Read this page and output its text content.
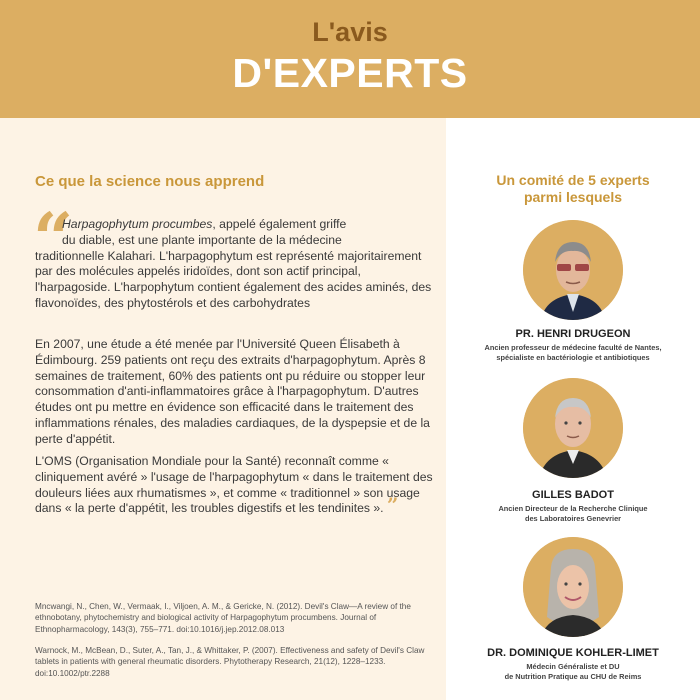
L'avis
D'EXPERTS
Ce que la science nous apprend
“
Harpagophytum procumbes, appelé également griffe
du diable, est une plante importante de la médecine
traditionnelle Kalahari. L'harpagophytum est représenté majoritairement par des molécules appelés iridoïdes, dont son actif principal, l'harpagoside. L'harpophytum contient également des acides aminés, des flavonoïdes, des phytostérols et des carbohydrates
En 2007, une étude a été menée par l'Université Queen Élisabeth à Édimbourg. 259 patients ont reçu des extraits d'harpagophytum. Après 8 semaines de traitement, 60% des patients ont pu réduire ou stopper leur consommation d'anti-inflammatoires grâce à l'harpagophytum. D'autres études ont pu mettre en évidence son efficacité dans le traitement des inflammations rénales, des maladies cardiaques, de la dyspepsie et de la perte d'appétit.
L'OMS (Organisation Mondiale pour la Santé) reconnaît comme « cliniquement avéré » l'usage de l'harpagophytum « dans le traitement des douleurs liées aux rhumatismes », et comme « traditionnel » son usage dans « la perte d'appétit, les troubles digestifs et les tendinites ». ”
Mncwangi, N., Chen, W., Vermaak, I., Viljoen, A. M., & Gericke, N. (2012). Devil's Claw—A review of the ethnobotany, phytochemistry and biological activity of Harpagophytum procumbens. Journal of Ethnopharmacology, 143(3), 755–771. doi:10.1016/j.jep.2012.08.013
Warnock, M., McBean, D., Suter, A., Tan, J., & Whittaker, P. (2007). Effectiveness and safety of Devil's Claw tablets in patients with general rheumatic disorders. Phytotherapy Research, 21(12), 1228–1233. doi:10.1002/ptr.2288
Un comité de 5 experts
parmi lesquels
PR. HENRI DRUGEON
Ancien professeur de médecine faculté de Nantes,
spécialiste en bactériologie et antibiotiques
GILLES BADOT
Ancien Directeur de la Recherche Clinique
des Laboratoires Genevrier
DR. DOMINIQUE KOHLER-LIMET
Médecin Généraliste et DU
de Nutrition Pratique au CHU de Reims
